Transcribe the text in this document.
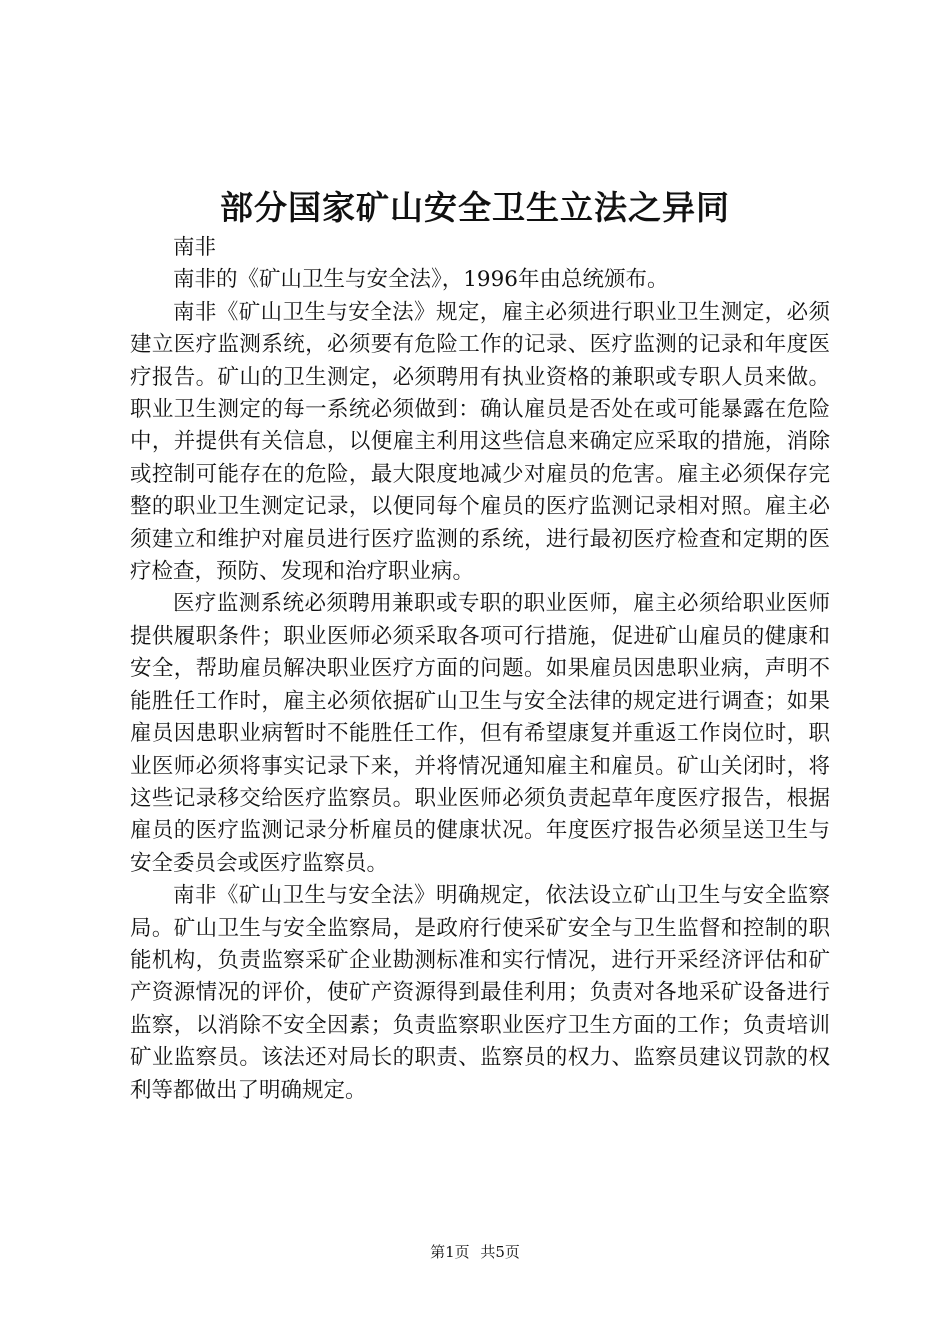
部分国家矿山安全卫生立法之异同

南非

南非的《矿山卫生与安全法》，1996年由总统颁布。

南非《矿山卫生与安全法》规定，雇主必须进行职业卫生测定，必须建立医疗监测系统，必须要有危险工作的记录、医疗监测的记录和年度医疗报告。矿山的卫生测定，必须聘用有执业资格的兼职或专职人员来做。职业卫生测定的每一系统必须做到：确认雇员是否处在或可能暴露在危险中，并提供有关信息，以便雇主利用这些信息来确定应采取的措施，消除或控制可能存在的危险，最大限度地减少对雇员的危害。雇主必须保存完整的职业卫生测定记录，以便同每个雇员的医疗监测记录相对照。雇主必须建立和维护对雇员进行医疗监测的系统，进行最初医疗检查和定期的医疗检查，预防、发现和治疗职业病。

医疗监测系统必须聘用兼职或专职的职业医师，雇主必须给职业医师提供履职条件；职业医师必须采取各项可行措施，促进矿山雇员的健康和安全，帮助雇员解决职业医疗方面的问题。如果雇员因患职业病，声明不能胜任工作时，雇主必须依据矿山卫生与安全法律的规定进行调查；如果雇员因患职业病暂时不能胜任工作，但有希望康复并重返工作岗位时，职业医师必须将事实记录下来，并将情况通知雇主和雇员。矿山关闭时，将这些记录移交给医疗监察员。职业医师必须负责起草年度医疗报告，根据雇员的医疗监测记录分析雇员的健康状况。年度医疗报告必须呈送卫生与安全委员会或医疗监察员。

南非《矿山卫生与安全法》明确规定，依法设立矿山卫生与安全监察局。矿山卫生与安全监察局，是政府行使采矿安全与卫生监督和控制的职能机构，负责监察采矿企业勘测标准和实行情况，进行开采经济评估和矿产资源情况的评价，使矿产资源得到最佳利用；负责对各地采矿设备进行监察，以消除不安全因素；负责监察职业医疗卫生方面的工作；负责培训矿业监察员。该法还对局长的职责、监察员的权力、监察员建议罚款的权利等都做出了明确规定。

第1页 共5页
